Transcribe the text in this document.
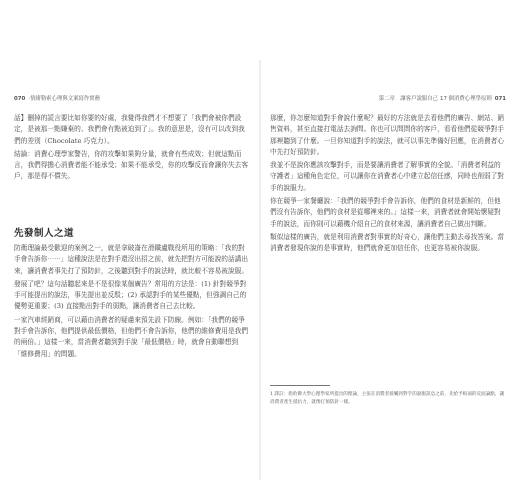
070 ‧情緒勒索心理與文案寫作實務

話】刪掉的謊言要比如你要的好處，我覺得我們才不想要了「我們會被你們設定，是被那一點嫌棄的、我們會有點被迫到了」。我的意思是，沒有可以改到我們的差別（Chocolate 巧克力）。

結論：消費心理學家警告，你的攻擊如果夠分量，就會有些成效；但就這點而言，我們得擔心消費者能不能承受；如果不能承受，你的攻擊反而會讓你失去客戶，那是得不償失。

先發制人之道

防衛理論最受歡迎的案例之一，就是拿破崙在滑鐵盧戰役所用的策略：「我的對手會告訴你⋯⋯」這種說法是在對手還沒出招之前，就先把對方可能說的話講出來，讓消費者事先打了預防針，之後聽到對手的說法時，就比較不容易被說服。

發展了吧？這句話聽起來是不是很像某個廣告？常用的方法是：(1) 針對競爭對手可能提出的說法，事先提出並反駁；(2) 承認對手的某些優點，但強調自己的優勢更重要；(3) 直接點出對手的弱點，讓消費者自己去比較。

一家汽車經銷商，可以藉由消費者的疑慮來預先設下防線。例如：「我們的競爭對手會告訴你，他們提供最低價格，但他們不會告訴你，他們的維修費用是我們的兩倍。」這樣一來，當消費者聽到對手說「最低價格」時，就會自動聯想到「維修費用」的問題。

第二章　讓客戶說服自己 17 個消費心理學原則 071

那麼，你怎麼知道對手會說什麼呢？最好的方法就是去看他們的廣告、網站、銷售資料，甚至直接打電話去詢問。你也可以問問你的客戶，看看他們從競爭對手那裡聽到了什麼。一旦你知道對手的說法，就可以事先準備好回應，在消費者心中先打好預防針。

我並不是說你應該攻擊對手，而是要讓消費者了解事實的全貌。「消費者利益的守護者」這種角色定位，可以讓你在消費者心中建立起信任感，同時也削弱了對手的說服力。

你在競爭一家餐廳說：「我們的競爭對手會告訴你，他們的食材是新鮮的，但他們沒有告訴你，他們的食材是從哪裡來的。」這樣一來，消費者就會開始懷疑對手的說法，而你則可以藉機介紹自己的食材來源，讓消費者自己做出判斷。

類似這樣的廣告，就是利用消費者對事實的好奇心，讓他們主動去尋找答案。當消費者發現你說的是事實時，他們就會更加信任你，也更容易被你說服。

1 譯註：指哈佛大學心理學家所提出的理論，主張在消費者接觸到對手的說服訊息之前，先給予較弱的反面論點，讓消費者產生抵抗力，就像打預防針一樣。
